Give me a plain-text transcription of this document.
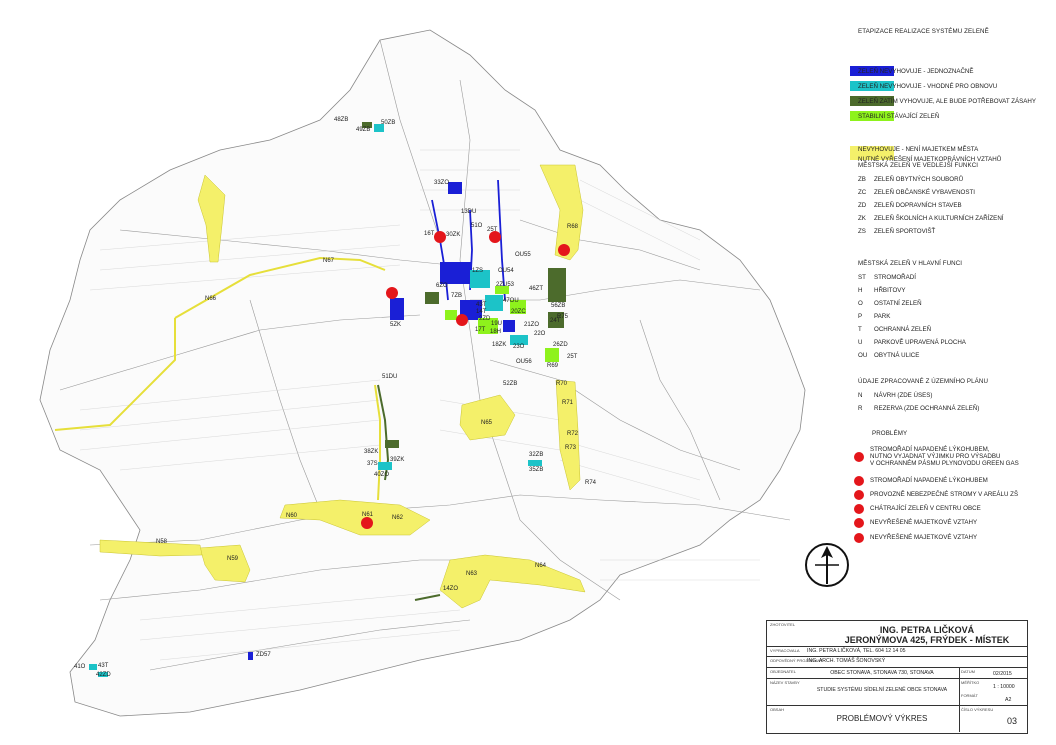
48ZB	50ZB
49ZB
33ZO
13DU
51O
30ZK
16T
25T
OU55
R68
N67
N66
1ZS OU54
2ZU53
46ZT
47OU
56ZB
R75
5ZK
6ZO
7ZB
43T
14T	20ZC
24T
21ZO
22O
2ZD
19U
17T 18H
18ZK 23O	26ZD
25T
R69
OU56
52ZB	R70
R71
N65
R72
R73
R74
32ZB
35ZB
38ZK
39ZK
37S
40ZO
51DU
N60	N61	N62
N58
N59
N63
N64
14ZO
ZD57
41O 43T
42ZD
ETAPIZACE REALIZACE SYSTÉMU ZELENĚ
ZELEŇ NEVYHOVUJE - JEDNOZNAČNĚ
ZELEŇ NEVYHOVUJE - VHODNÉ PRO OBNOVU
ZELEŇ ZATÍM VYHOVUJE, ALE BUDE POTŘEBOVAT ZÁSAHY
STABILNÍ STÁVAJÍCÍ ZELEŇ
NEVYHOVUJE - NENÍ MAJETKEM MĚSTA
NUTNÉ VYŘEŠENÍ MAJETKOPRÁVNÍCH VZTAHŮ
MĚSTSKÁ ZELEŇ VE VEDLEJŠÍ FUNKCI
ZB	ZELEŇ OBYTNÝCH SOUBORŮ
ZC	ZELEŇ OBČANSKÉ VYBAVENOSTI
ZD	ZELEŇ DOPRAVNÍCH STAVEB
ZK	ZELEŇ ŠKOLNÍCH A KULTURNÍCH ZAŘÍZENÍ
ZS	ZELEŇ SPORTOVIŠŤ
MĚSTSKÁ ZELEŇ V HLAVNÍ FUNCI
ST	STROMOŘADÍ
H	HŘBITOVY
O	OSTATNÍ ZELEŇ
P	PARK
T	OCHRANNÁ ZELEŇ
U	PARKOVĚ UPRAVENÁ PLOCHA
OU	OBYTNÁ ULICE
ÚDAJE ZPRACOVANÉ Z ÚZEMNÍHO PLÁNU
N	NÁVRH (ZDE ÚSES)
R	REZERVA (ZDE OCHRANNÁ ZELEŇ)
PROBLÉMY
STROMOŘADÍ NAPADENÉ LÝKOHUBEM,
NUTNO VYJADNAT VÝJIMKU PRO VÝSADBU
V OCHRANNÉM PÁSMU PLYNOVODU GREEN GAS
STROMOŘADÍ NAPADENÉ LÝKOHUBEM
PROVOZNĚ NEBEZPEČNÉ STROMY V AREÁLU ZŠ
CHÁTRAJÍCÍ ZELEŇ V CENTRU OBCE
NEVYŘEŠENÉ MAJETKOVÉ VZTAHY
NEVYŘEŠENÉ MAJETKOVÉ VZTAHY
ZHOTOVITEL
ING. PETRA LIČKOVÁ
JERONÝMOVA 425, FRÝDEK - MÍSTEK
VYPRACOVALA ING. PETRA LIČKOVÁ, TEL. 604 12 14 05
ODPOVĚDNÝ PROJEKTANT
ING. ARCH. TOMÁŠ ŠONOVSKÝ
OBJEDNATEL	OBEC STONAVA, STONAVA 730, STONAVA	DATUM	02/2015
NÁZEV STAVBY
STUDIE SYSTÉMU SÍDELNÍ ZELENĚ OBCE STONAVA
MĚŘÍTKO
1 : 10000
FORMÁT
A2
OBSAH
PROBLÉMOVÝ VÝKRES
ČÍSLO VÝKRESU
03
